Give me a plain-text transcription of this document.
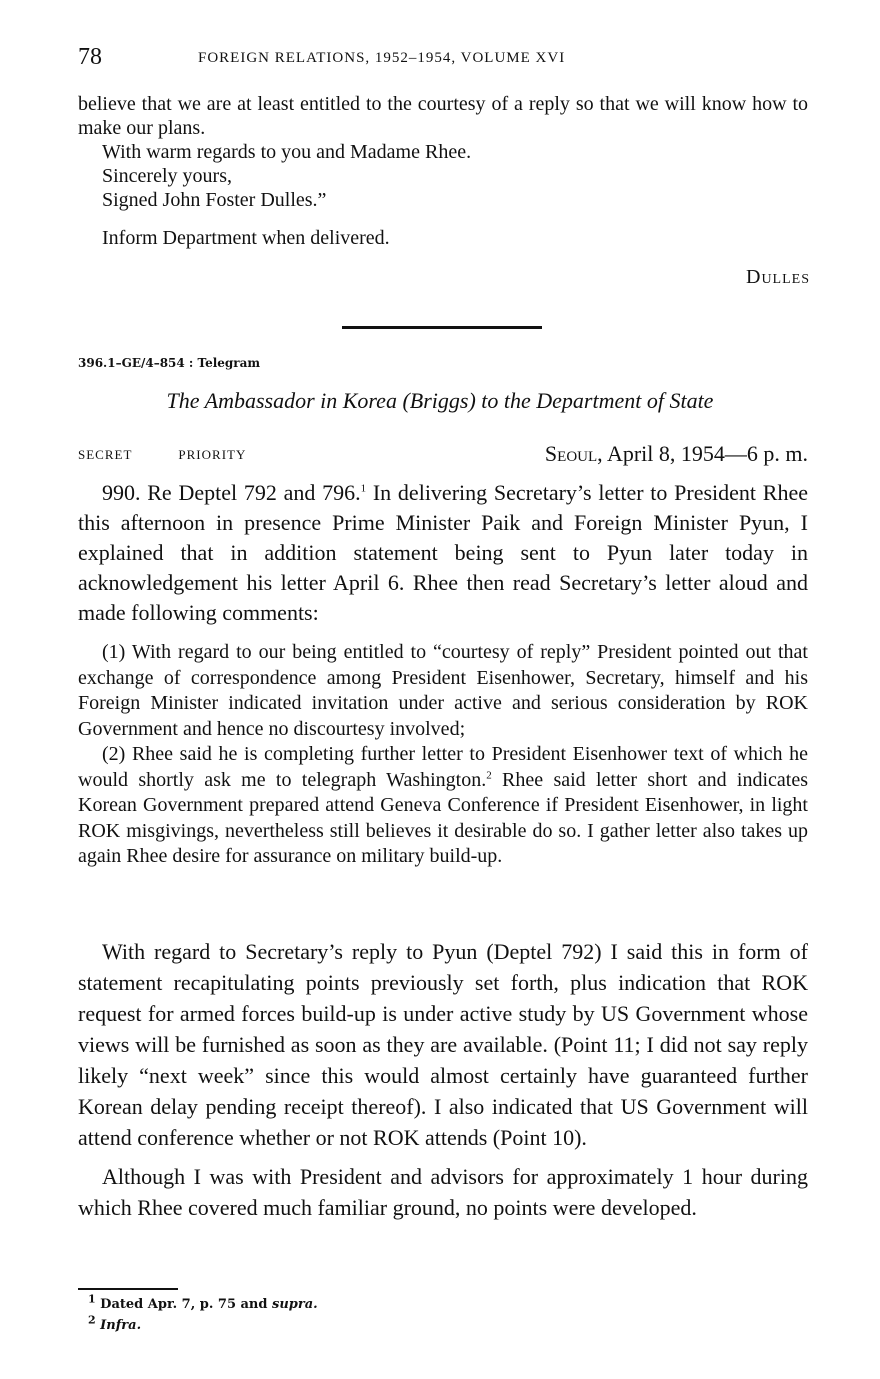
78	FOREIGN RELATIONS, 1952–1954, VOLUME XVI

believe that we are at least entitled to the courtesy of a reply so that we will know how to make our plans.

With warm regards to you and Madame Rhee.

Sincerely yours,

Signed John Foster Dulles.”

Inform Department when delivered.

Dulles
396.1–GE/4–854 : Telegram
The Ambassador in Korea (Briggs) to the Department of State
SECRET	PRIORITY	Seoul, April 8, 1954—6 p. m.

990. Re Deptel 792 and 796.$^1$ In delivering Secretary’s letter to President Rhee this afternoon in presence Prime Minister Paik and Foreign Minister Pyun, I explained that in addition statement being sent to Pyun later today in acknowledgement his letter April 6. Rhee then read Secretary’s letter aloud and made following comments:

(1) With regard to our being entitled to “courtesy of reply” President pointed out that exchange of correspondence among President Eisenhower, Secretary, himself and his Foreign Minister indicated invitation under active and serious consideration by ROK Government and hence no discourtesy involved;

(2) Rhee said he is completing further letter to President Eisenhower text of which he would shortly ask me to telegraph Washington.$^2$ Rhee said letter short and indicates Korean Government prepared attend Geneva Conference if President Eisenhower, in light ROK misgivings, nevertheless still believes it desirable do so. I gather letter also takes up again Rhee desire for assurance on military build-up.

With regard to Secretary’s reply to Pyun (Deptel 792) I said this in form of statement recapitulating points previously set forth, plus indication that ROK request for armed forces build-up is under active study by US Government whose views will be furnished as soon as they are available. (Point 11; I did not say reply likely “next week” since this would almost certainly have guaranteed further Korean delay pending receipt thereof). I also indicated that US Government will attend conference whether or not ROK attends (Point 10).

Although I was with President and advisors for approximately 1 hour during which Rhee covered much familiar ground, no points were developed.

$^1$ Dated Apr. 7, p. 75 and supra.
$^2$ Infra.
